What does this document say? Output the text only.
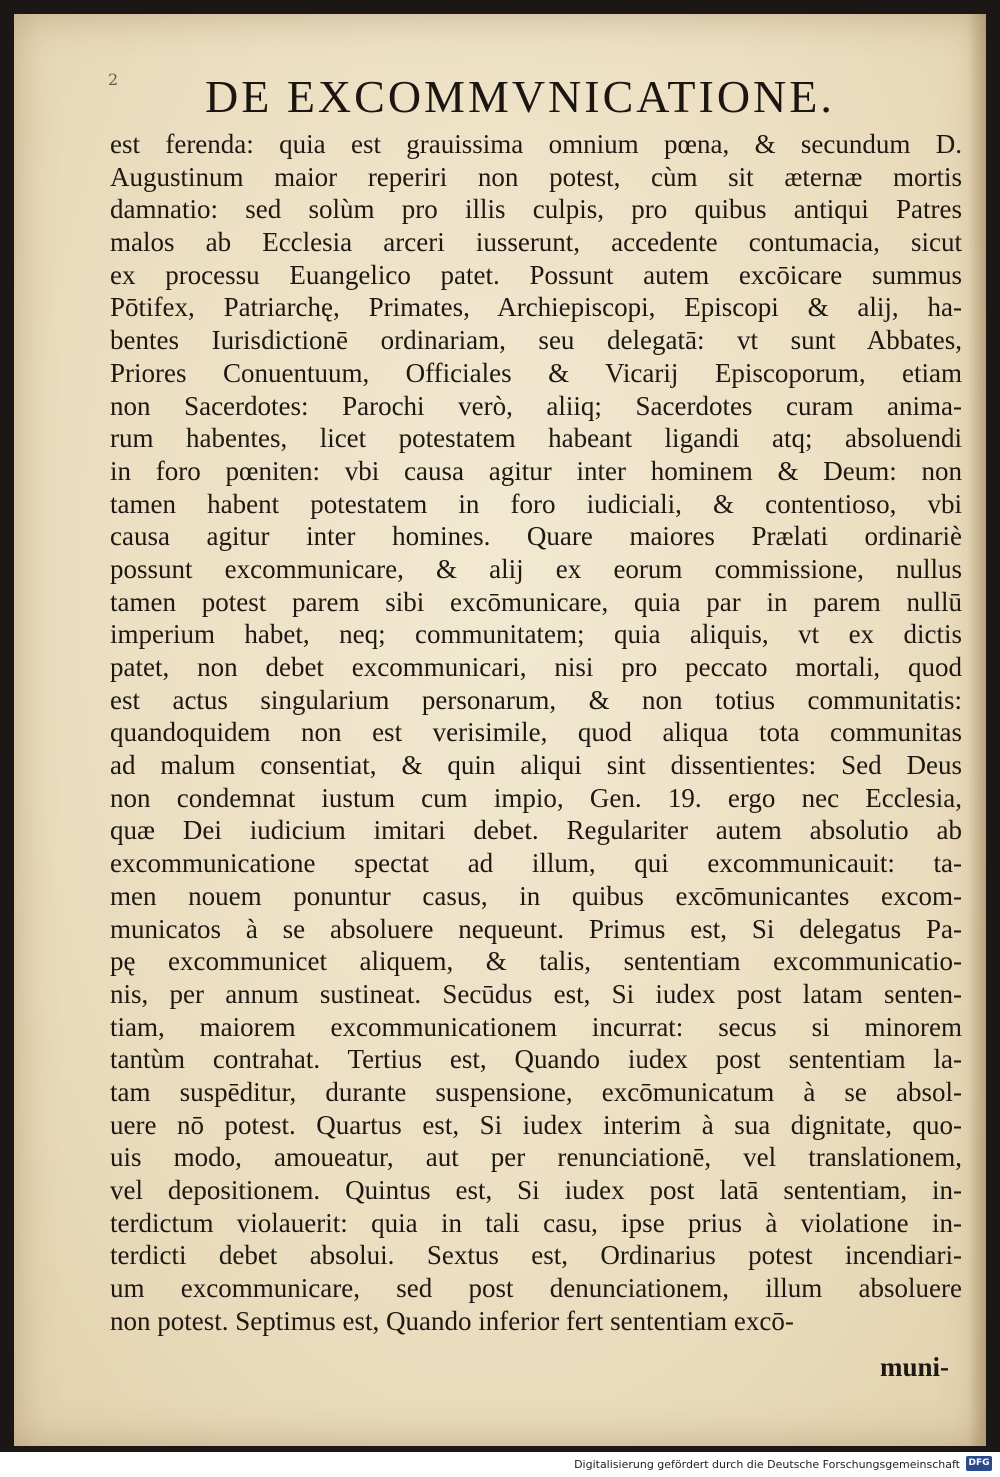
2 DE EXCOMMVNICATIONE.
est ferenda: quia est grauissima omnium pœna, & secundum D.
Augustinum maior reperiri non potest, cùm sit æternæ mortis
damnatio: sed solùm pro illis culpis, pro quibus antiqui Patres
malos ab Ecclesia arceri iusserunt, accedente contumacia, sicut
ex processu Euangelico patet. Possunt autem excōicare summus
Pōtifex, Patriarchę, Primates, Archiepiscopi, Episcopi & alij, ha-
bentes Iurisdictionē ordinariam, seu delegatā: vt sunt Abbates,
Priores Conuentuum, Officiales & Vicarij Episcoporum, etiam
non Sacerdotes: Parochi verò, aliiq; Sacerdotes curam anima-
rum habentes, licet potestatem habeant ligandi atq; absoluendi
in foro pœniten: vbi causa agitur inter hominem & Deum: non
tamen habent potestatem in foro iudiciali, & contentioso, vbi
causa agitur inter homines. Quare maiores Prælati ordinariè
possunt excommunicare, & alij ex eorum commissione, nullus
tamen potest parem sibi excōmunicare, quia par in parem nullū
imperium habet, neq; communitatem; quia aliquis, vt ex dictis
patet, non debet excommunicari, nisi pro peccato mortali, quod
est actus singularium personarum, & non totius communitatis:
quandoquidem non est verisimile, quod aliqua tota communitas
ad malum consentiat, & quin aliqui sint dissentientes: Sed Deus
non condemnat iustum cum impio, Gen. 19. ergo nec Ecclesia,
quæ Dei iudicium imitari debet. Regulariter autem absolutio ab
excommunicatione spectat ad illum, qui excommunicauit: ta-
men nouem ponuntur casus, in quibus excōmunicantes excom-
municatos à se absoluere nequeunt. Primus est, Si delegatus Pa-
pę excommunicet aliquem, & talis, sententiam excommunicatio-
nis, per annum sustineat. Secūdus est, Si iudex post latam senten-
tiam, maiorem excommunicationem incurrat: secus si minorem
tantùm contrahat. Tertius est, Quando iudex post sententiam la-
tam suspēditur, durante suspensione, excōmunicatum à se absol-
uere nō potest. Quartus est, Si iudex interim à sua dignitate, quo-
uis modo, amoueatur, aut per renunciationē, vel translationem,
vel depositionem. Quintus est, Si iudex post latā sententiam, in-
terdictum violauerit: quia in tali casu, ipse prius à violatione in-
terdicti debet absolui. Sextus est, Ordinarius potest incendiari-
um excommunicare, sed post denunciationem, illum absoluere
non potest. Septimus est, Quando inferior fert sententiam excō-
muni-
Digitalisierung gefördert durch die Deutsche Forschungsgemeinschaft DFG
